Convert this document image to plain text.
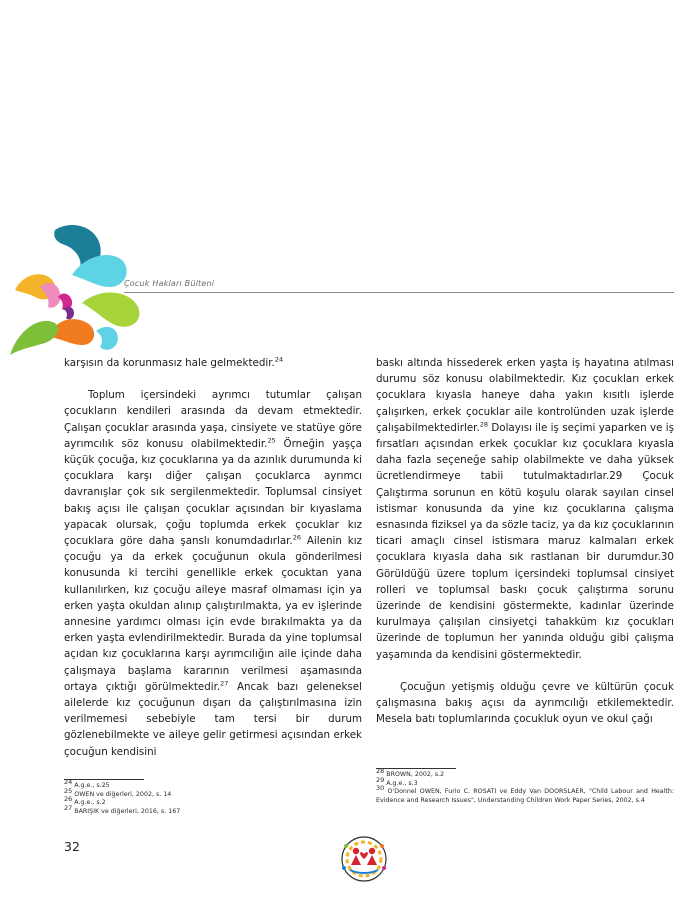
Çocuk Hakları Bülteni

karşısın da korunmasız hale gelmektedir.$^{24}$

Toplum içersindeki ayrımcı tutumlar çalışan çocukların kendileri arasında da devam etmektedir. Çalışan çocuklar arasında yaşa, cinsiyete ve statüye göre ayrımcılık söz konusu olabilmektedir.$^{25}$ Örneğin yaşça küçük çocuğa, kız çocuklarına ya da azınlık durumunda ki çocuklara karşı diğer çalışan çocuklarca ayrımcı davranışlar çok sık sergilenmektedir. Toplumsal cinsiyet bakış açısı ile çalışan çocuklar açısından bir kıyaslama yapacak olursak, çoğu toplumda erkek çocuklar kız çocuklara göre daha şanslı konumdadırlar.$^{26}$ Ailenin kız çocuğu ya da erkek çocuğunun okula gönderilmesi konusunda ki tercihi genellikle erkek çocuktan yana kullanılırken, kız çocuğu aileye masraf olmaması için ya erken yaşta okuldan alınıp çalıştırılmakta, ya ev işlerinde annesine yardımcı olması için evde bırakılmakta ya da erken yaşta evlendirilmektedir. Burada da yine toplumsal açıdan kız çocuklarına karşı ayrımcılığın aile içinde daha çalışmaya başlama kararının verilmesi aşamasında ortaya çıktığı görülmektedir.$^{27}$ Ancak bazı geleneksel ailelerde kız çocuğunun dışarı da çalıştırılmasına izin verilmemesi sebebiyle tam tersi bir durum gözlenebilmekte ve aileye gelir getirmesi açısından erkek çocuğun kendisini

baskı altında hissederek erken yaşta iş hayatına atılması durumu söz konusu olabilmektedir. Kız çocukları erkek çocuklara kıyasla haneye daha yakın kısıtlı işlerde çalışırken, erkek çocuklar aile kontrolünden uzak işlerde çalışabilmektedirler.$^{28}$ Dolayısı ile iş seçimi yaparken ve iş fırsatları açısından erkek çocuklar kız çocuklara kıyasla daha fazla seçeneğe sahip olabilmekte ve daha yüksek ücretlendirmeye tabii tutulmaktadırlar.29 Çocuk Çalıştırma sorunun en kötü koşulu olarak sayılan cinsel istismar konusunda da yine kız çocuklarına çalışma esnasında fiziksel ya da sözle taciz, ya da kız çocuklarının ticari amaçlı cinsel istismara maruz kalmaları erkek çocuklara kıyasla daha sık rastlanan bir durumdur.30 Görüldüğü üzere toplum içersindeki toplumsal cinsiyet rolleri ve toplumsal baskı çocuk çalıştırma sorunu üzerinde de kendisini göstermekte, kadınlar üzerinde kurulmaya çalışılan cinsiyetçi tahakküm kız çocukları üzerinde de toplumun her yanında olduğu gibi çalışma yaşamında da kendisini göstermektedir.

Çocuğun yetişmiş olduğu çevre ve kültürün çocuk çalışmasına bakış açısı da ayrımcılığı etkilemektedir. Mesela batı toplumlarında çocukluk oyun ve okul çağı

$^{24}$ A.g.e., s.25

$^{25}$ OWEN ve diğerleri, 2002, s. 14

$^{26}$ A.g.e., s.2

$^{27}$ BARIŞIK ve diğerleri, 2016, s. 167

$^{28}$ BROWN, 2002, s.2

$^{29}$ A.g.e., s.3

$^{30}$ O'Donnel OWEN, Furio C. ROSATI ve Eddy Van DOORSLAER, "Child Labour and Health: Evidence and Research Issues", Understanding Children Work Paper Series, 2002, s.4

32
